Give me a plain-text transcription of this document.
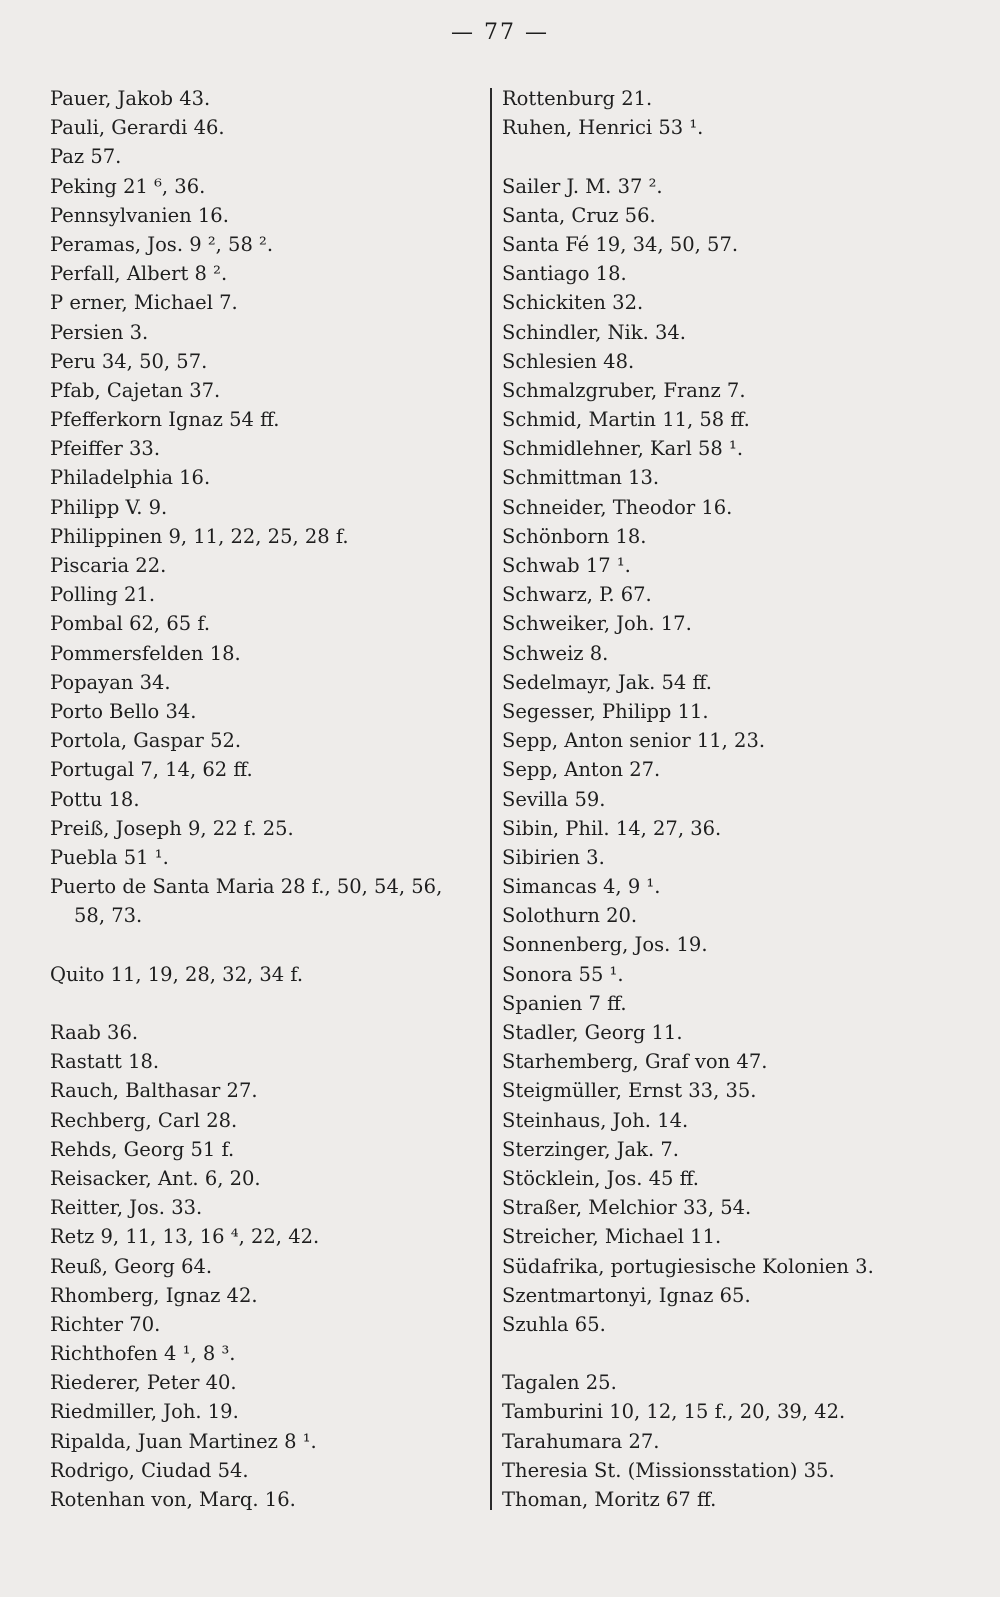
— 77 —
Pauer, Jakob 43.
Pauli, Gerardi 46.
Paz 57.
Peking 21 ⁶, 36.
Pennsylvanien 16.
Peramas, Jos. 9 ², 58 ².
Perfall, Albert 8 ².
P erner, Michael 7.
Persien 3.
Peru 34, 50, 57.
Pfab, Cajetan 37.
Pfefferkorn Ignaz 54 ff.
Pfeiffer 33.
Philadelphia 16.
Philipp V. 9.
Philippinen 9, 11, 22, 25, 28 f.
Piscaria 22.
Polling 21.
Pombal 62, 65 f.
Pommersfelden 18.
Popayan 34.
Porto Bello 34.
Portola, Gaspar 52.
Portugal 7, 14, 62 ff.
Pottu 18.
Preiß, Joseph 9, 22 f. 25.
Puebla 51 ¹.
Puerto de Santa Maria 28 f., 50, 54, 56,
58, 73.
Quito 11, 19, 28, 32, 34 f.
Raab 36.
Rastatt 18.
Rauch, Balthasar 27.
Rechberg, Carl 28.
Rehds, Georg 51 f.
Reisacker, Ant. 6, 20.
Reitter, Jos. 33.
Retz 9, 11, 13, 16 ⁴, 22, 42.
Reuß, Georg 64.
Rhomberg, Ignaz 42.
Richter 70.
Richthofen 4 ¹, 8 ³.
Riederer, Peter 40.
Riedmiller, Joh. 19.
Ripalda, Juan Martinez 8 ¹.
Rodrigo, Ciudad 54.
Rotenhan von, Marq. 16.
Rottenburg 21.
Ruhen, Henrici 53 ¹.
Sailer J. M. 37 ².
Santa, Cruz 56.
Santa Fé 19, 34, 50, 57.
Santiago 18.
Schickiten 32.
Schindler, Nik. 34.
Schlesien 48.
Schmalzgruber, Franz 7.
Schmid, Martin 11, 58 ff.
Schmidlehner, Karl 58 ¹.
Schmittman 13.
Schneider, Theodor 16.
Schönborn 18.
Schwab 17 ¹.
Schwarz, P. 67.
Schweiker, Joh. 17.
Schweiz 8.
Sedelmayr, Jak. 54 ff.
Segesser, Philipp 11.
Sepp, Anton senior 11, 23.
Sepp, Anton 27.
Sevilla 59.
Sibin, Phil. 14, 27, 36.
Sibirien 3.
Simancas 4, 9 ¹.
Solothurn 20.
Sonnenberg, Jos. 19.
Sonora 55 ¹.
Spanien 7 ff.
Stadler, Georg 11.
Starhemberg, Graf von 47.
Steigmüller, Ernst 33, 35.
Steinhaus, Joh. 14.
Sterzinger, Jak. 7.
Stöcklein, Jos. 45 ff.
Straßer, Melchior 33, 54.
Streicher, Michael 11.
Südafrika, portugiesische Kolonien 3.
Szentmartonyi, Ignaz 65.
Szuhla 65.
Tagalen 25.
Tamburini 10, 12, 15 f., 20, 39, 42.
Tarahumara 27.
Theresia St. (Missionsstation) 35.
Thoman, Moritz 67 ff.
